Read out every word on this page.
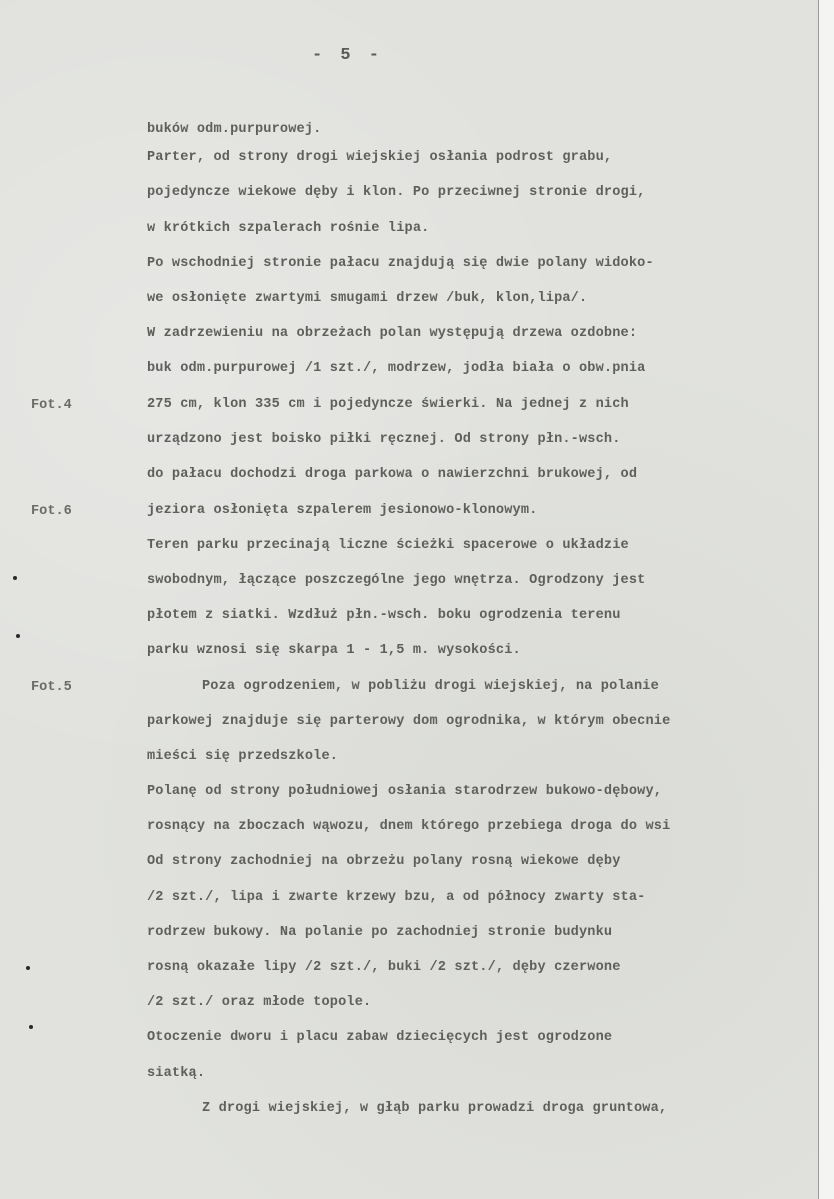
- 5 -
buków odm.purpurowej.
Parter, od strony drogi wiejskiej osłania podrost grabu,
pojedyncze wiekowe dęby i klon. Po przeciwnej stronie drogi,
w krótkich szpalerach rośnie lipa.
Po wschodniej stronie pałacu znajdują się dwie polany widoko-
we osłonięte zwartymi smugami drzew /buk, klon,lipa/.
W zadrzewieniu na obrzeżach polan występują drzewa ozdobne:
buk odm.purpurowej /1 szt./, modrzew, jodła biała o obw.pnia
275 cm, klon 335 cm i pojedyncze świerki. Na jednej z nich
urządzono jest boisko piłki ręcznej. Od strony płn.-wsch.
do pałacu dochodzi droga parkowa o nawierzchni brukowej, od
jeziora osłonięta szpalerem jesionowo-klonowym.
Teren parku przecinają liczne ścieżki spacerowe o układzie
swobodnym, łączące poszczególne jego wnętrza. Ogrodzony jest
płotem z siatki. Wzdłuż płn.-wsch. boku ogrodzenia terenu
parku wznosi się skarpa 1 - 1,5 m. wysokości.
Poza ogrodzeniem, w pobliżu drogi wiejskiej, na polanie
parkowej znajduje się parterowy dom ogrodnika, w którym obecnie
mieści się przedszkole.
Polanę od strony południowej osłania starodrzew bukowo-dębowy,
rosnący na zboczach wąwozu, dnem którego przebiega droga do wsi
Od strony zachodniej na obrzeżu polany rosną wiekowe dęby
/2 szt./, lipa i zwarte krzewy bzu, a od północy zwarty sta-
rodrzew bukowy. Na polanie po zachodniej stronie budynku
rosną okazałe lipy /2 szt./, buki /2 szt./, dęby czerwone
/2 szt./ oraz młode topole.
Otoczenie dworu i placu zabaw dziecięcych jest ogrodzone
siatką.
Z drogi wiejskiej, w głąb parku prowadzi droga gruntowa,
Fot.4
Fot.6
Fot.5
